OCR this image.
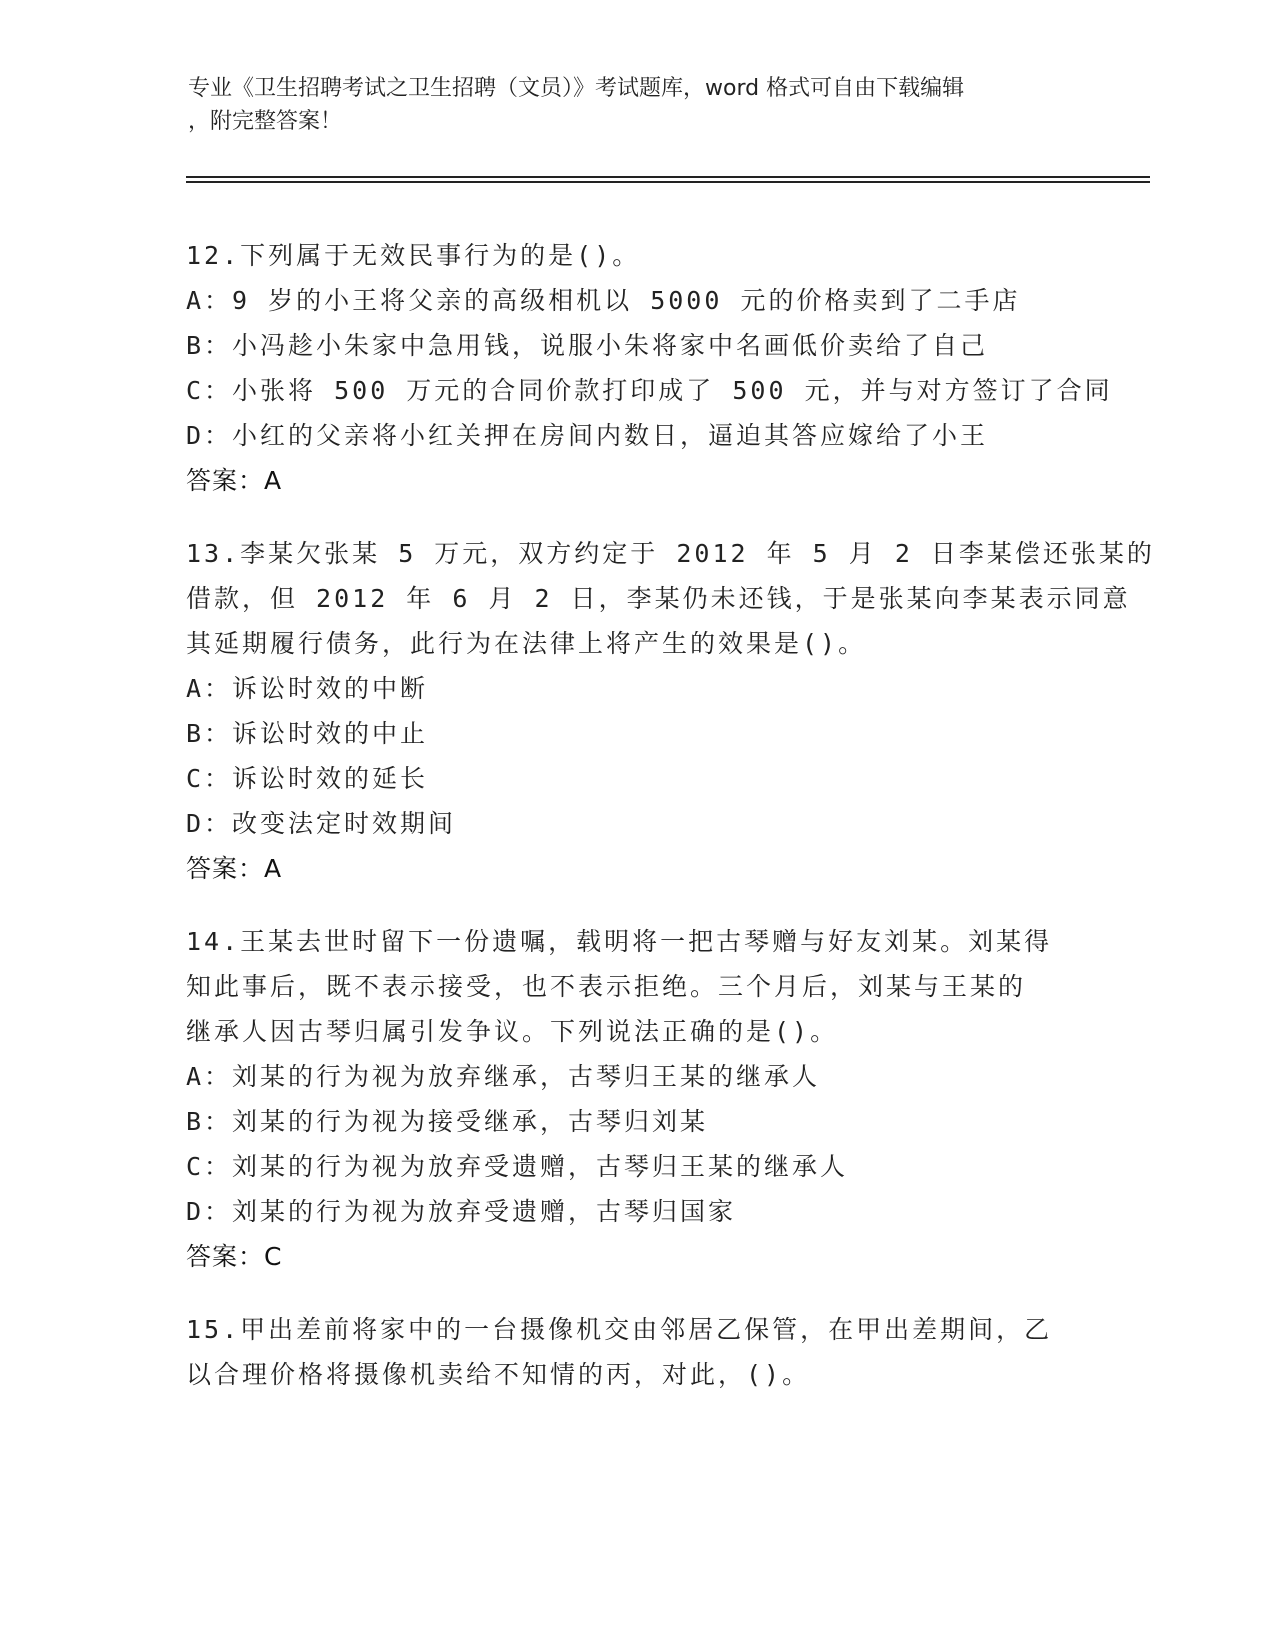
专业《卫生招聘考试之卫生招聘（文员）》考试题库，word 格式可自由下载编辑
，附完整答案！
12.下列属于无效民事行为的是()。
A：9 岁的小王将父亲的高级相机以 5000 元的价格卖到了二手店
B：小冯趁小朱家中急用钱，说服小朱将家中名画低价卖给了自己
C：小张将 500 万元的合同价款打印成了 500 元，并与对方签订了合同
D：小红的父亲将小红关押在房间内数日，逼迫其答应嫁给了小王
答案：A
13.李某欠张某 5 万元，双方约定于 2012 年 5 月 2 日李某偿还张某的
借款，但 2012 年 6 月 2 日，李某仍未还钱，于是张某向李某表示同意
其延期履行债务，此行为在法律上将产生的效果是()。
A：诉讼时效的中断
B：诉讼时效的中止
C：诉讼时效的延长
D：改变法定时效期间
答案：A
14.王某去世时留下一份遗嘱，载明将一把古琴赠与好友刘某。刘某得
知此事后，既不表示接受，也不表示拒绝。三个月后，刘某与王某的
继承人因古琴归属引发争议。下列说法正确的是()。
A：刘某的行为视为放弃继承，古琴归王某的继承人
B：刘某的行为视为接受继承，古琴归刘某
C：刘某的行为视为放弃受遗赠，古琴归王某的继承人
D：刘某的行为视为放弃受遗赠，古琴归国家
答案：C
15.甲出差前将家中的一台摄像机交由邻居乙保管，在甲出差期间，乙
以合理价格将摄像机卖给不知情的丙，对此，()。
